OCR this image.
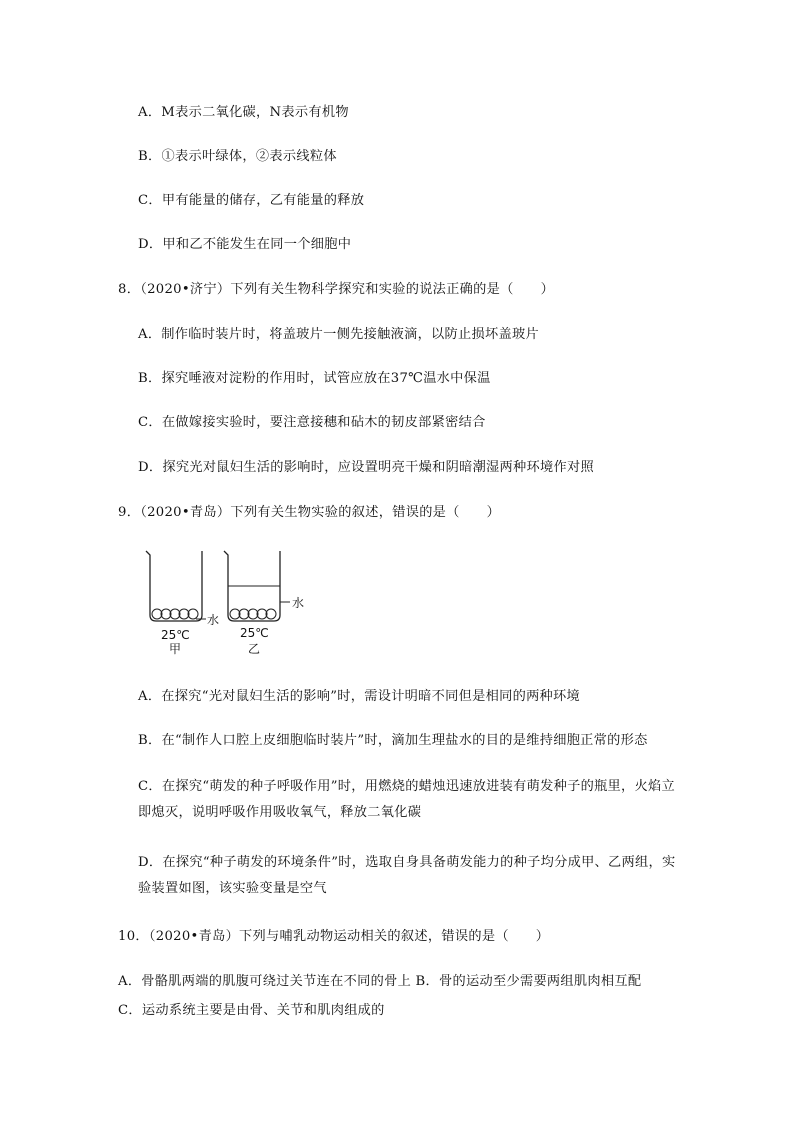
A．M表示二氧化碳，N表示有机物
B．①表示叶绿体，②表示线粒体
C．甲有能量的储存，乙有能量的释放
D．甲和乙不能发生在同一个细胞中
8．（2020•济宁）下列有关生物科学探究和实验的说法正确的是（　　）
A．制作临时装片时，将盖玻片一侧先接触液滴，以防止损坏盖玻片
B．探究唾液对淀粉的作用时，试管应放在37℃温水中保温
C．在做嫁接实验时，要注意接穗和砧木的韧皮部紧密结合
D．探究光对鼠妇生活的影响时，应设置明亮干燥和阴暗潮湿两种环境作对照
9．（2020•青岛）下列有关生物实验的叙述，错误的是（　　）
水
25℃
甲
水
25℃
乙
A．在探究“光对鼠妇生活的影响”时，需设计明暗不同但是相同的两种环境
B．在“制作人口腔上皮细胞临时装片”时，滴加生理盐水的目的是维持细胞正常的形态
C．在探究“萌发的种子呼吸作用”时，用燃烧的蜡烛迅速放进装有萌发种子的瓶里，火焰立即熄灭，说明呼吸作用吸收氧气，释放二氧化碳
D．在探究“种子萌发的环境条件”时，选取自身具备萌发能力的种子均分成甲、乙两组，实验装置如图，该实验变量是空气
10．（2020•青岛）下列与哺乳动物运动相关的叙述，错误的是（　　）
A．骨骼肌两端的肌腹可绕过关节连在不同的骨上 B．骨的运动至少需要两组肌肉相互配
C．运动系统主要是由骨、关节和肌肉组成的
